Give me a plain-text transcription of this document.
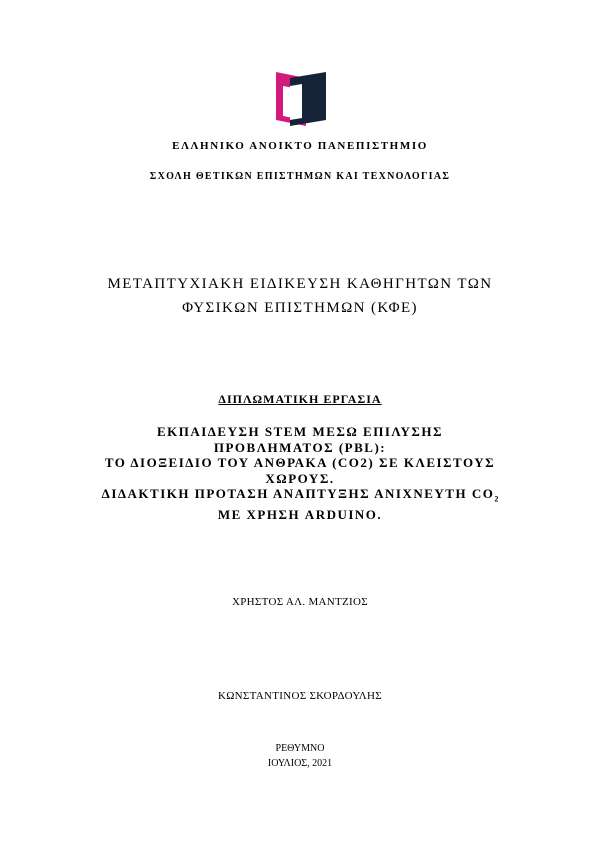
ΕΛΛΗΝΙΚΟ ΑΝΟΙΚΤΟ ΠΑΝΕΠΙΣΤΗΜΙΟ
ΣΧΟΛΗ ΘΕΤΙΚΩΝ ΕΠΙΣΤΗΜΩΝ ΚΑΙ ΤΕΧΝΟΛΟΓΙΑΣ
ΜΕΤΑΠΤΥΧΙΑΚΗ ΕΙΔΙΚΕΥΣΗ ΚΑΘΗΓΗΤΩΝ ΤΩΝ
ΦΥΣΙΚΩΝ ΕΠΙΣΤΗΜΩΝ (ΚΦΕ)
ΔΙΠΛΩΜΑΤΙΚΗ ΕΡΓΑΣΙΑ
ΕΚΠΑΙΔΕΥΣΗ STEM ΜΕΣΩ ΕΠΙΛΥΣΗΣ
ΠΡΟΒΛΗΜΑΤΟΣ (PBL):
ΤΟ ΔΙΟΞΕΙΔΙΟ ΤΟΥ ΑΝΘΡΑΚΑ (CO2) ΣΕ ΚΛΕΙΣΤΟΥΣ
ΧΩΡΟΥΣ.
ΔΙΔΑΚΤΙΚΗ ΠΡΟΤΑΣΗ ΑΝΑΠΤΥΞΗΣ ΑΝΙΧΝΕΥΤΗ $CO_2$
ΜΕ ΧΡΗΣΗ ARDUINO.
ΧΡΗΣΤΟΣ ΑΛ. ΜΑΝΤΖΙΟΣ
ΚΩΝΣΤΑΝΤΙΝΟΣ ΣΚΟΡΔΟΥΛΗΣ
ΡΕΘΥΜΝΟ
ΙΟΥΛΙΟΣ, 2021
